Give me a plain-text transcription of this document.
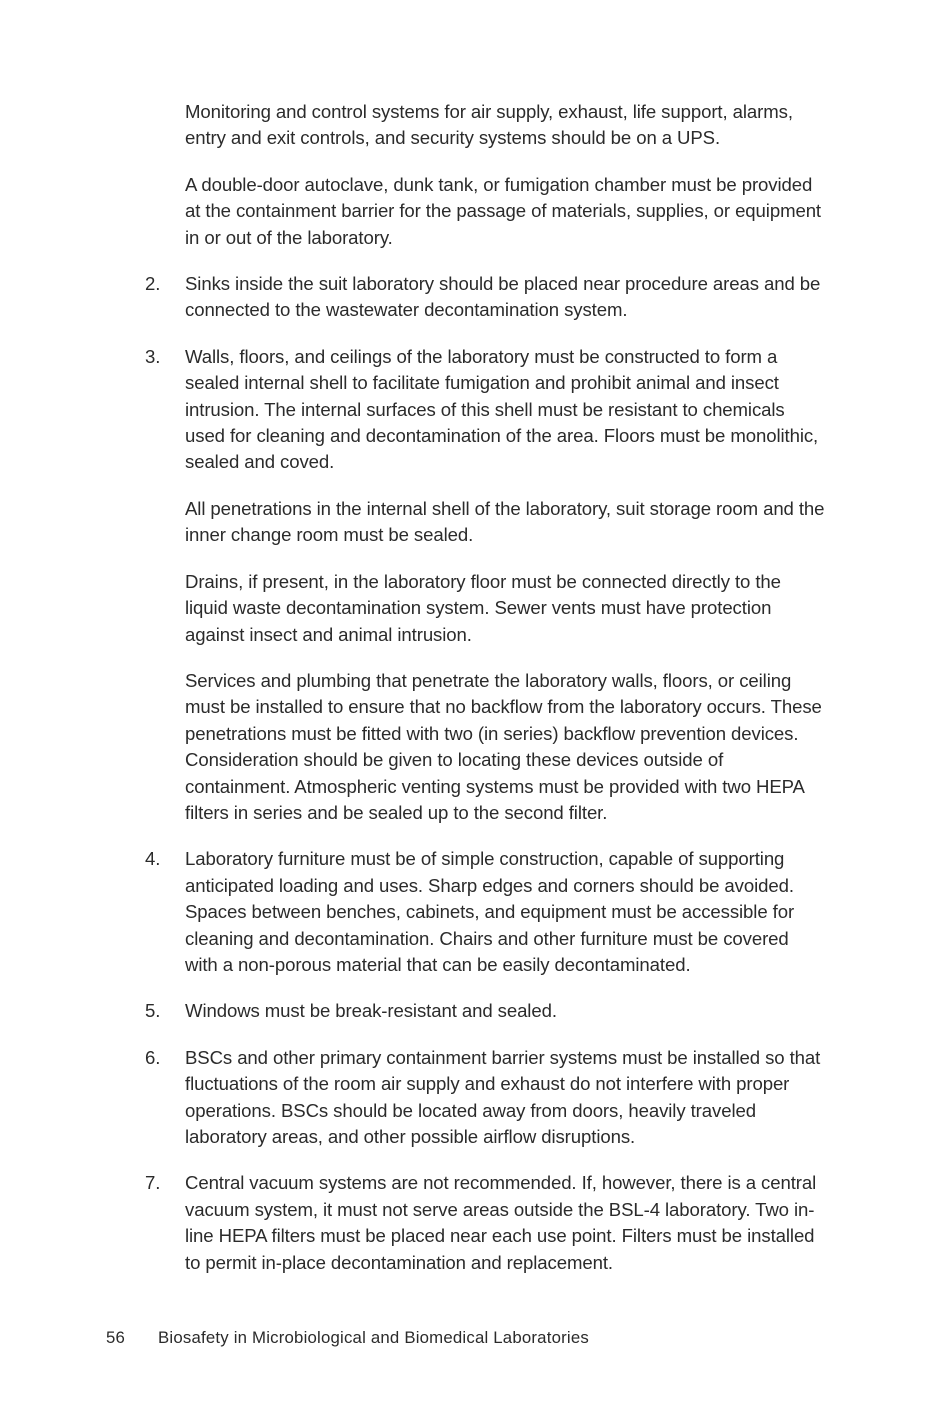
Monitoring and control systems for air supply, exhaust, life support, alarms, entry and exit controls, and security systems should be on a UPS.

A double-door autoclave, dunk tank, or fumigation chamber must be provided at the containment barrier for the passage of materials, supplies, or equipment in or out of the laboratory.

2.	Sinks inside the suit laboratory should be placed near procedure areas and be connected to the wastewater decontamination system.

3.	Walls, floors, and ceilings of the laboratory must be constructed to form a sealed internal shell to facilitate fumigation and prohibit animal and insect intrusion. The internal surfaces of this shell must be resistant to chemicals used for cleaning and decontamination of the area. Floors must be monolithic, sealed and coved.

All penetrations in the internal shell of the laboratory, suit storage room and the inner change room must be sealed.

Drains, if present, in the laboratory floor must be connected directly to the liquid waste decontamination system. Sewer vents must have protection against insect and animal intrusion.

Services and plumbing that penetrate the laboratory walls, floors, or ceiling must be installed to ensure that no backflow from the laboratory occurs. These penetrations must be fitted with two (in series) backflow prevention devices. Consideration should be given to locating these devices outside of containment. Atmospheric venting systems must be provided with two HEPA filters in series and be sealed up to the second filter.

4.	Laboratory furniture must be of simple construction, capable of supporting anticipated loading and uses. Sharp edges and corners should be avoided. Spaces between benches, cabinets, and equipment must be accessible for cleaning and decontamination. Chairs and other furniture must be covered with a non-porous material that can be easily decontaminated.

5.	Windows must be break-resistant and sealed.

6.	BSCs and other primary containment barrier systems must be installed so that fluctuations of the room air supply and exhaust do not interfere with proper operations. BSCs should be located away from doors, heavily traveled laboratory areas, and other possible airflow disruptions.

7.	Central vacuum systems are not recommended. If, however, there is a central vacuum system, it must not serve areas outside the BSL-4 laboratory. Two in-line HEPA filters must be placed near each use point. Filters must be installed to permit in-place decontamination and replacement.

56 Biosafety in Microbiological and Biomedical Laboratories
